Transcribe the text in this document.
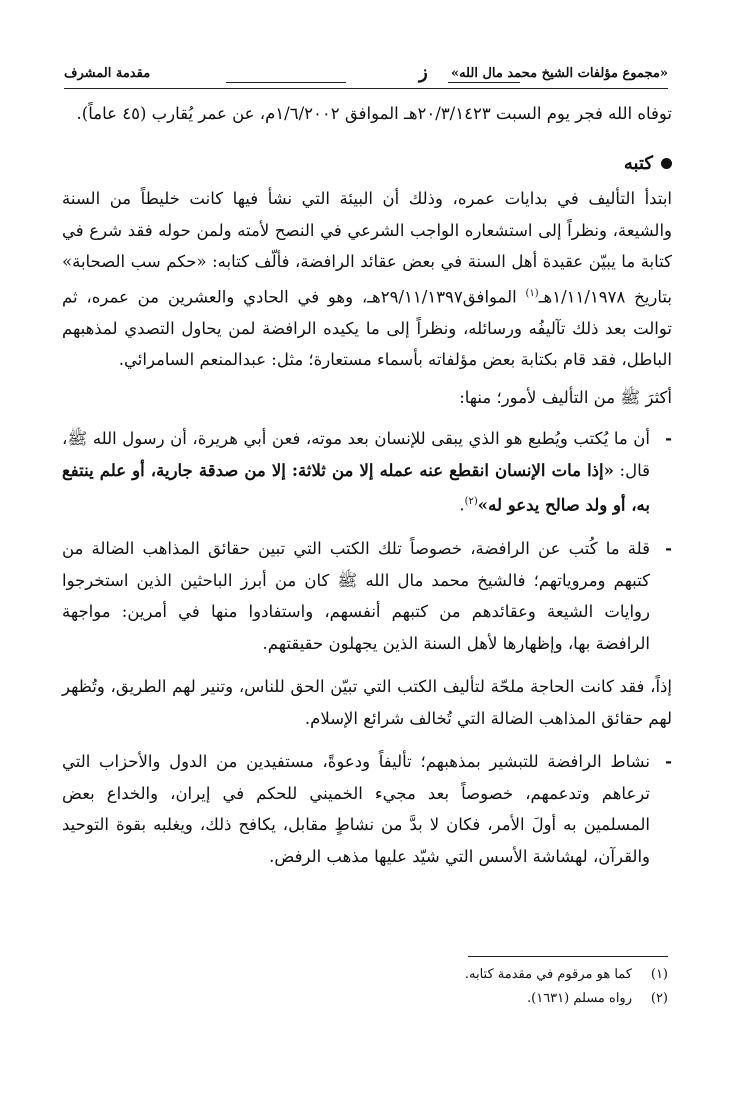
«مجموع مؤلفات الشيخ محمد مال الله»
ز
مقدمة المشرف

توفاه الله فجر يوم السبت ٢٠/٣/١٤٢٣هـ الموافق ١/٦/٢٠٠٢م، عن عمر يُقارب (٤٥ عاماً).

كتبه

ابتدأ التأليف في بدايات عمره، وذلك أن البيئة التي نشأ فيها كانت خليطاً من السنة والشيعة، ونظراً إلى استشعاره الواجب الشرعي في النصح لأمته ولمن حوله فقد شرع في كتابة ما يبيّن عقيدة أهل السنة في بعض عقائد الرافضة، فألّف كتابه: «حكم سب الصحابة» بتاريخ ١/١١/١٩٧٨هـ$^{(١)}$ الموافق٢٩/١١/١٣٩٧هـ، وهو في الحادي والعشرين من عمره، ثم توالت بعد ذلك تآليفُه ورسائله، ونظراً إلى ما يكيده الرافضة لمن يحاول التصدي لمذهبهم الباطل، فقد قام بكتابة بعض مؤلفاته بأسماء مستعارة؛ مثل: عبدالمنعم السامرائي.

أكثرَ ﷺ من التأليف لأمور؛ منها:

-
أن ما يُكتب ويُطبع هو الذي يبقى للإنسان بعد موته، فعن أبي هريرة، أن رسول الله ﷺ، قال: «إذا مات الإنسان انقطع عنه عمله إلا من ثلاثة: إلا من صدقة جارية، أو علم ينتفع به، أو ولد صالح يدعو له»$^{(٢)}$.
-
قلة ما كُتب عن الرافضة، خصوصاً تلك الكتب التي تبين حقائق المذاهب الضالة من كتبهم ومروياتهم؛ فالشيخ محمد مال الله ﷺ كان من أبرز الباحثين الذين استخرجوا روايات الشيعة وعقائدهم من كتبهم أنفسهم، واستفادوا منها في أمرين: مواجهة الرافضة بها، وإظهارها لأهل السنة الذين يجهلون حقيقتهم.

إذاً، فقد كانت الحاجة ملحّة لتأليف الكتب التي تبيّن الحق للناس، وتنير لهم الطريق، وتُظهر لهم حقائق المذاهب الضالة التي تُخالف شرائع الإسلام.

-
نشاط الرافضة للتبشير بمذهبهم؛ تأليفاً ودعوةً، مستفيدين من الدول والأحزاب التي ترعاهم وتدعمهم، خصوصاً بعد مجيء الخميني للحكم في إيران، والخداع بعض المسلمين به أولَ الأمر، فكان لا بدَّ من نشاطٍ مقابل، يكافح ذلك، ويغلبه بقوة التوحيد والقرآن، لهشاشة الأسس التي شيّد عليها مذهب الرفض.
(١)
كما هو مرقوم في مقدمة كتابه.
(٢)
رواه مسلم (١٦٣١).
